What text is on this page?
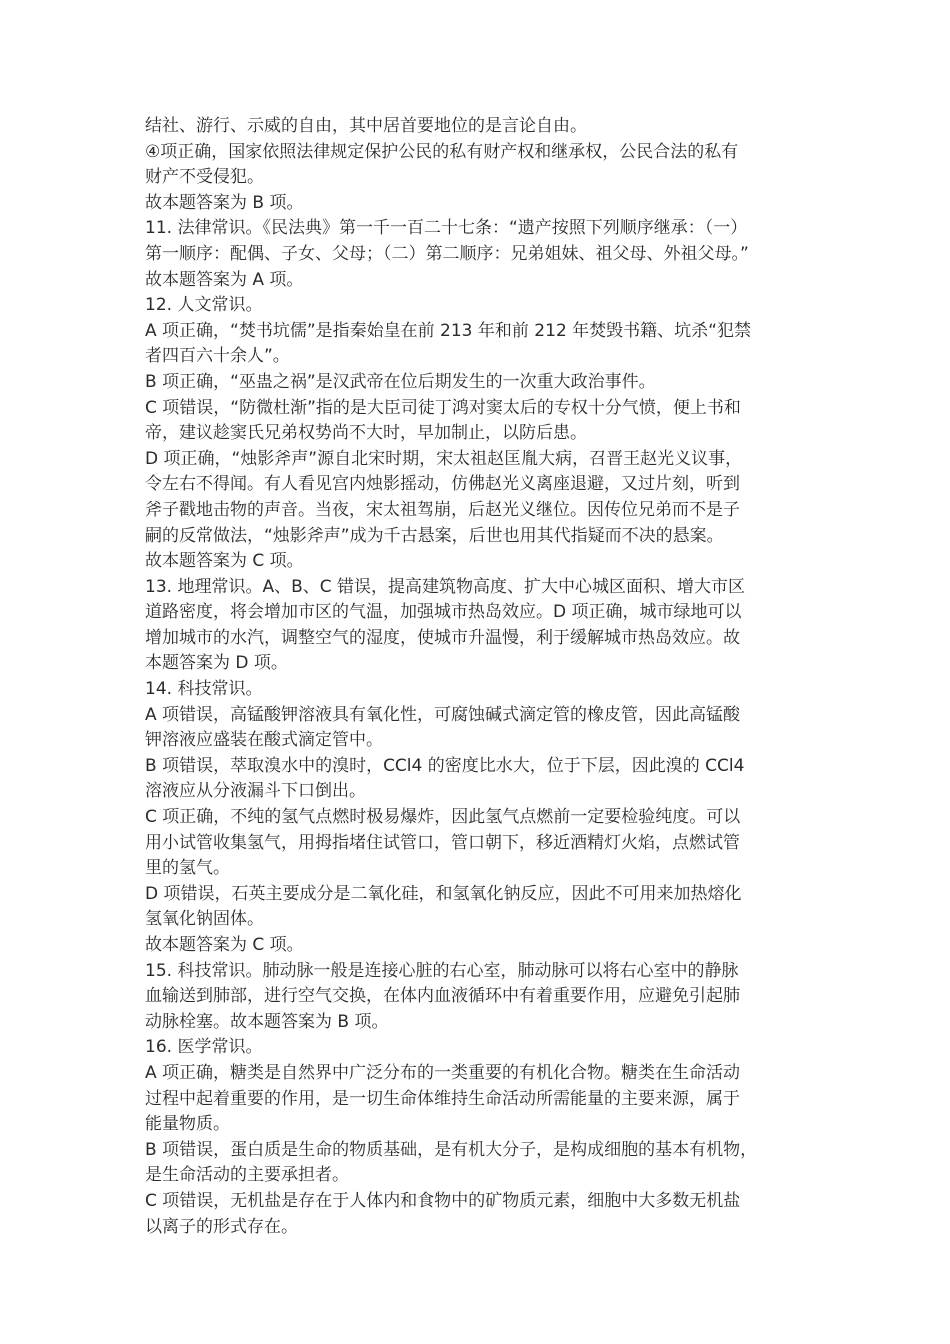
结社、游行、示威的自由，其中居首要地位的是言论自由。
④项正确，国家依照法律规定保护公民的私有财产权和继承权，公民合法的私有
财产不受侵犯。
故本题答案为 B 项。
11. 法律常识。《民法典》第一千一百二十七条：“遗产按照下列顺序继承：（一）
第一顺序：配偶、子女、父母；（二）第二顺序：兄弟姐妹、祖父母、外祖父母。”
故本题答案为 A 项。
12. 人文常识。
A 项正确，“焚书坑儒”是指秦始皇在前 213 年和前 212 年焚毁书籍、坑杀“犯禁
者四百六十余人”。
B 项正确，“巫蛊之祸”是汉武帝在位后期发生的一次重大政治事件。
C 项错误，“防微杜渐”指的是大臣司徒丁鸿对窦太后的专权十分气愤，便上书和
帝，建议趁窦氏兄弟权势尚不大时，早加制止，以防后患。
D 项正确，“烛影斧声”源自北宋时期，宋太祖赵匡胤大病，召晋王赵光义议事，
令左右不得闻。有人看见宫内烛影摇动，仿佛赵光义离座退避，又过片刻，听到
斧子戳地击物的声音。当夜，宋太祖驾崩，后赵光义继位。因传位兄弟而不是子
嗣的反常做法，“烛影斧声”成为千古悬案，后世也用其代指疑而不决的悬案。
故本题答案为 C 项。
13. 地理常识。A、B、C 错误，提高建筑物高度、扩大中心城区面积、增大市区
道路密度，将会增加市区的气温，加强城市热岛效应。D 项正确，城市绿地可以
增加城市的水汽，调整空气的湿度，使城市升温慢，利于缓解城市热岛效应。故
本题答案为 D 项。
14. 科技常识。
A 项错误，高锰酸钾溶液具有氧化性，可腐蚀碱式滴定管的橡皮管，因此高锰酸
钾溶液应盛装在酸式滴定管中。
B 项错误，萃取溴水中的溴时，CCl4 的密度比水大，位于下层，因此溴的 CCl4
溶液应从分液漏斗下口倒出。
C 项正确，不纯的氢气点燃时极易爆炸，因此氢气点燃前一定要检验纯度。可以
用小试管收集氢气，用拇指堵住试管口，管口朝下，移近酒精灯火焰，点燃试管
里的氢气。
D 项错误，石英主要成分是二氧化硅，和氢氧化钠反应，因此不可用来加热熔化
氢氧化钠固体。
故本题答案为 C 项。
15. 科技常识。肺动脉一般是连接心脏的右心室，肺动脉可以将右心室中的静脉
血输送到肺部，进行空气交换，在体内血液循环中有着重要作用，应避免引起肺
动脉栓塞。故本题答案为 B 项。
16. 医学常识。
A 项正确，糖类是自然界中广泛分布的一类重要的有机化合物。糖类在生命活动
过程中起着重要的作用，是一切生命体维持生命活动所需能量的主要来源，属于
能量物质。
B 项错误，蛋白质是生命的物质基础，是有机大分子，是构成细胞的基本有机物，
是生命活动的主要承担者。
C 项错误，无机盐是存在于人体内和食物中的矿物质元素，细胞中大多数无机盐
以离子的形式存在。
